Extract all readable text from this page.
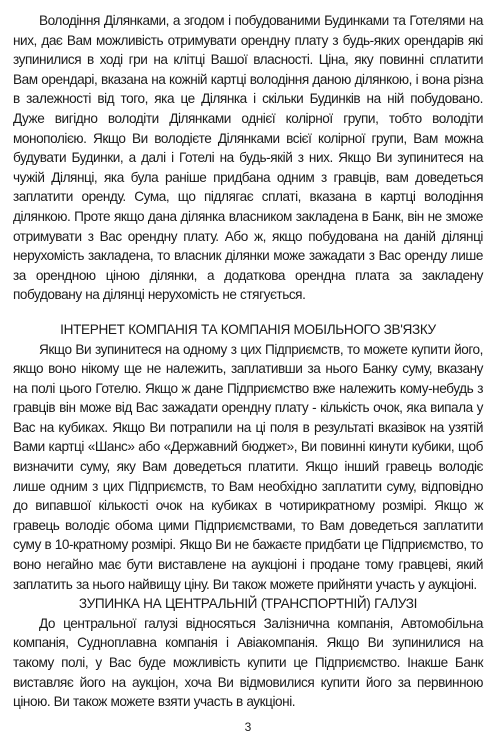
Володіння Ділянками, а згодом і побудованими Будинками та Готелями на них, дає Вам можливість отримувати орендну плату з будь-яких орендарів які зупинилися в ході гри на клітці Вашої власності. Ціна, яку повинні сплатити Вам орендарі, вказана на кожній картці володіння даною ділянкою, і вона різна в залежності від того, яка це Ділянка і скільки Будинків на ній побудовано. Дуже вигідно володіти Ділянками однієї колірної групи, тобто володіти монополією. Якщо Ви володієте Ділянками всієї колірної групи, Вам можна будувати Будинки, а далі і Готелі на будь-якій з них. Якщо Ви зупинитеся на чужій Ділянці, яка була раніше придбана одним з гравців, вам доведеться заплатити оренду. Сума, що підлягає сплаті, вказана в картці володіння ділянкою. Проте якщо дана ділянка власником закладена в Банк, він не зможе отримувати з Вас орендну плату. Або ж, якщо побудована на даній ділянці нерухомість закладена, то власник ділянки може зажадати з Вас оренду лише за орендною ціною ділянки, а додаткова орендна плата за закладену побудовану на ділянці нерухомість не стягується.

ІНТЕРНЕТ КОМПАНІЯ ТА КОМПАНІЯ МОБІЛЬНОГО ЗВ'ЯЗКУ

Якщо Ви зупинитеся на одному з цих Підприємств, то можете купити його, якщо воно нікому ще не належить, заплативши за нього Банку суму, вказану на полі цього Готелю. Якщо ж дане Підприємство вже належить кому-небудь з гравців він може від Вас зажадати орендну плату - кількість очок, яка випала у Вас на кубиках. Якщо Ви потрапили на ці поля в результаті вказівок на узятій Вами картці «Шанс» або «Державний бюджет», Ви повинні кинути кубики, щоб визначити суму, яку Вам доведеться платити. Якщо інший гравець володіє лише одним з цих Підприємств, то Вам необхідно заплатити суму, відповідно до випавшої кількості очок на кубиках в чотирикратному розмірі. Якщо ж гравець володіє обома цими Підприємствами, то Вам доведеться заплатити суму в 10-кратному розмірі. Якщо Ви не бажаєте придбати це Підприємство, то воно негайно має бути виставлене на аукціоні і продане тому гравцеві, який заплатить за нього найвищу ціну. Ви також можете прийняти участь у аукціоні.

ЗУПИНКА НА ЦЕНТРАЛЬНІЙ (ТРАНСПОРТНІЙ) ГАЛУЗІ

До центральної галузі відносяться Залізнична компанія, Автомобільна компанія, Судноплавна компанія і Авіакомпанія. Якщо Ви зупинилися на такому полі, у Вас буде можливість купити це Підприємство. Інакше Банк виставляє його на аукціон, хоча Ви відмовилися купити його за первинною ціною. Ви також можете взяти участь в аукціоні.

3
